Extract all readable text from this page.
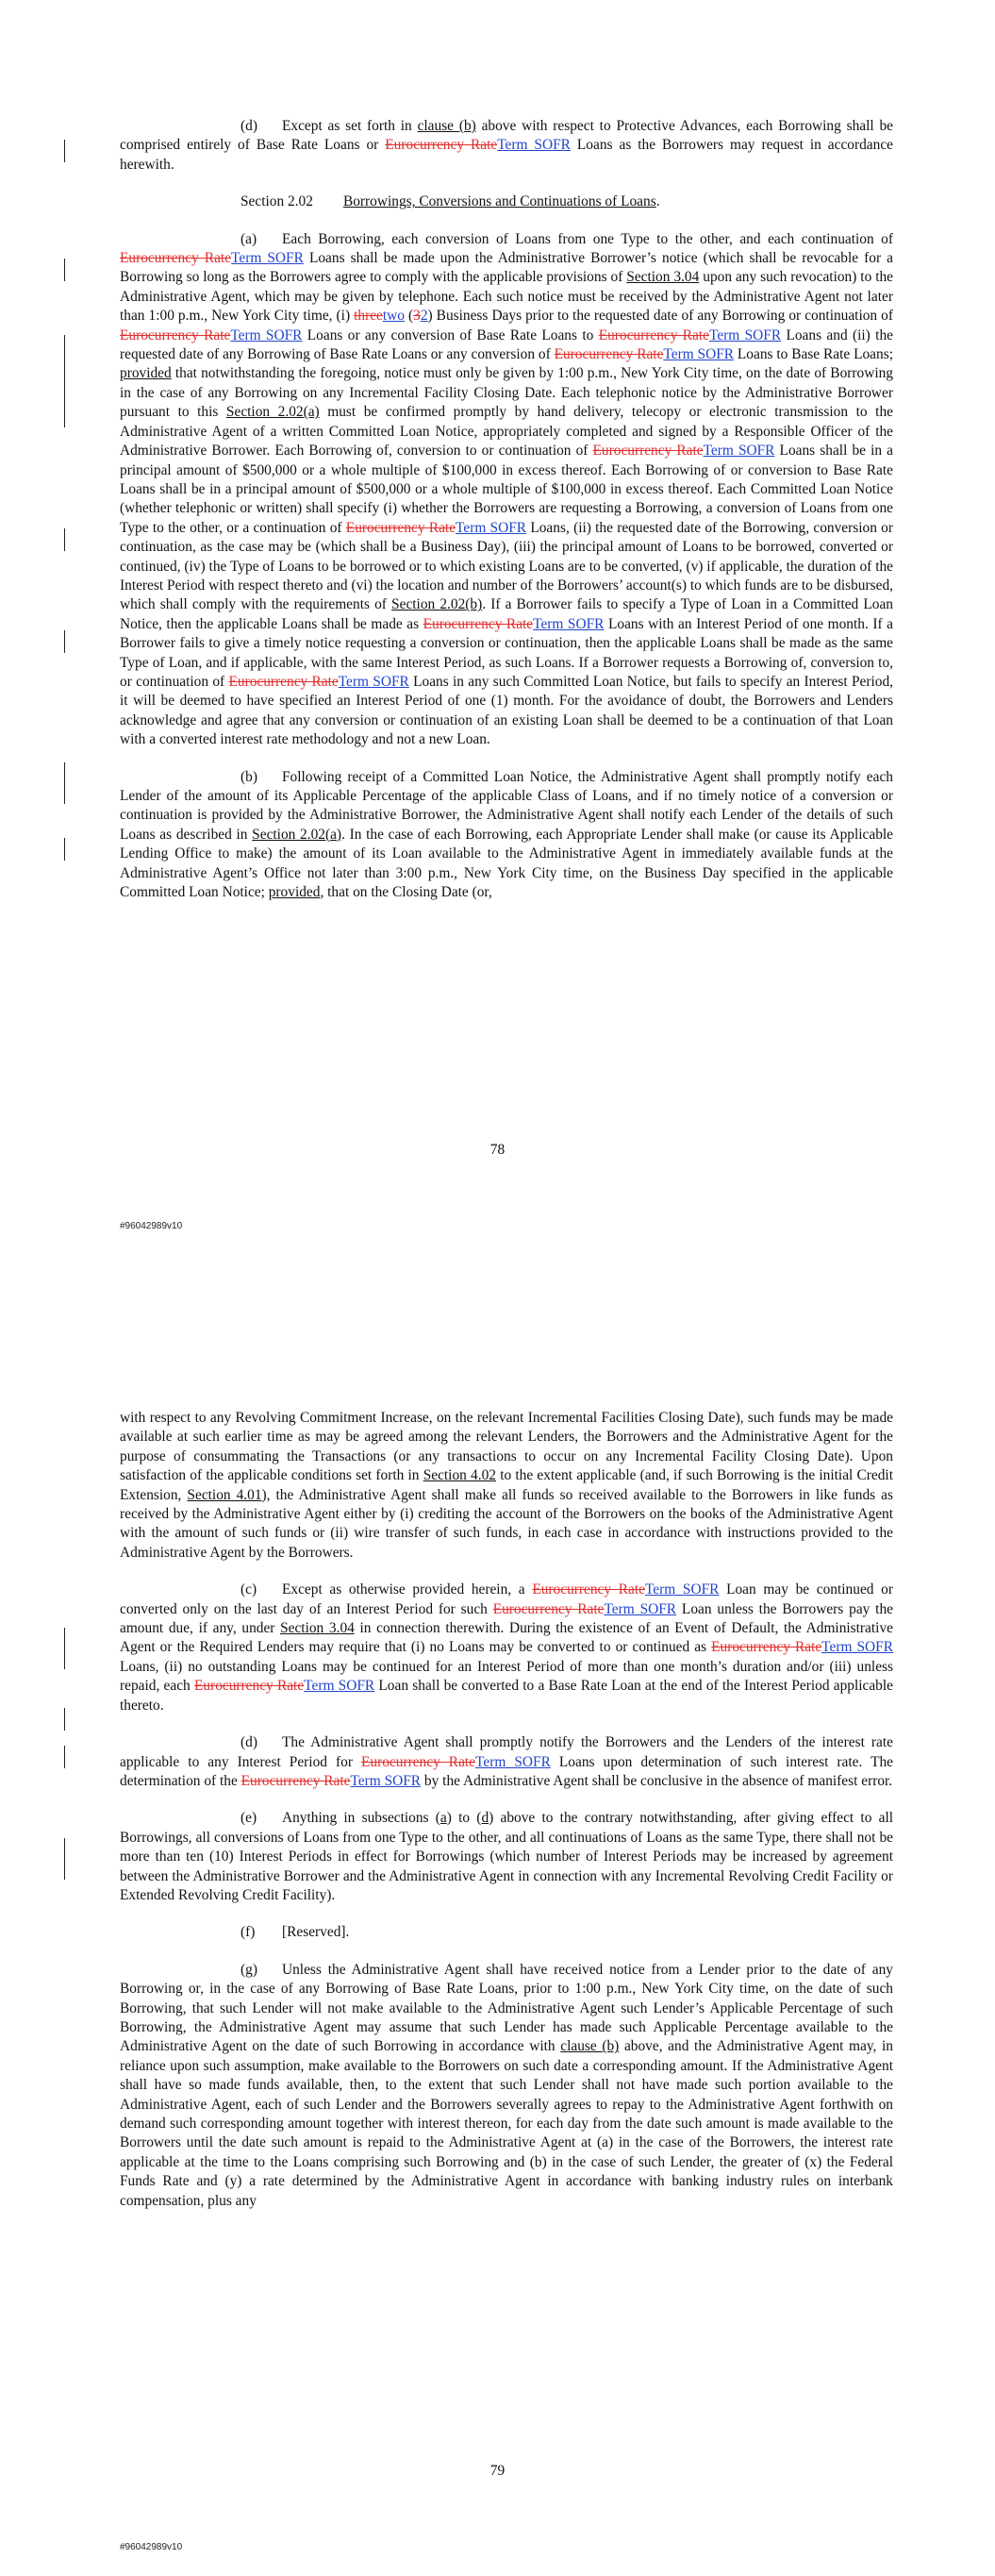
(d) Except as set forth in clause (b) above with respect to Protective Advances, each Borrowing shall be comprised entirely of Base Rate Loans or Eurocurrency RateTerm SOFR Loans as the Borrowers may request in accordance herewith.

Section 2.02 Borrowings, Conversions and Continuations of Loans.

(a) Each Borrowing, each conversion of Loans from one Type to the other, and each continuation of Eurocurrency RateTerm SOFR Loans shall be made upon the Administrative Borrower’s notice (which shall be revocable for a Borrowing so long as the Borrowers agree to comply with the applicable provisions of Section 3.04 upon any such revocation) to the Administrative Agent, which may be given by telephone. Each such notice must be received by the Administrative Agent not later than 1:00 p.m., New York City time, (i) threetwo (32) Business Days prior to the requested date of any Borrowing or continuation of Eurocurrency RateTerm SOFR Loans or any conversion of Base Rate Loans to Eurocurrency RateTerm SOFR Loans and (ii) the requested date of any Borrowing of Base Rate Loans or any conversion of Eurocurrency RateTerm SOFR Loans to Base Rate Loans; provided that notwithstanding the foregoing, notice must only be given by 1:00 p.m., New York City time, on the date of Borrowing in the case of any Borrowing on any Incremental Facility Closing Date. Each telephonic notice by the Administrative Borrower pursuant to this Section 2.02(a) must be confirmed promptly by hand delivery, telecopy or electronic transmission to the Administrative Agent of a written Committed Loan Notice, appropriately completed and signed by a Responsible Officer of the Administrative Borrower. Each Borrowing of, conversion to or continuation of Eurocurrency RateTerm SOFR Loans shall be in a principal amount of $500,000 or a whole multiple of $100,000 in excess thereof. Each Borrowing of or conversion to Base Rate Loans shall be in a principal amount of $500,000 or a whole multiple of $100,000 in excess thereof. Each Committed Loan Notice (whether telephonic or written) shall specify (i) whether the Borrowers are requesting a Borrowing, a conversion of Loans from one Type to the other, or a continuation of Eurocurrency RateTerm SOFR Loans, (ii) the requested date of the Borrowing, conversion or continuation, as the case may be (which shall be a Business Day), (iii) the principal amount of Loans to be borrowed, converted or continued, (iv) the Type of Loans to be borrowed or to which existing Loans are to be converted, (v) if applicable, the duration of the Interest Period with respect thereto and (vi) the location and number of the Borrowers’ account(s) to which funds are to be disbursed, which shall comply with the requirements of Section 2.02(b). If a Borrower fails to specify a Type of Loan in a Committed Loan Notice, then the applicable Loans shall be made as Eurocurrency RateTerm SOFR Loans with an Interest Period of one month. If a Borrower fails to give a timely notice requesting a conversion or continuation, then the applicable Loans shall be made as the same Type of Loan, and if applicable, with the same Interest Period, as such Loans. If a Borrower requests a Borrowing of, conversion to, or continuation of Eurocurrency RateTerm SOFR Loans in any such Committed Loan Notice, but fails to specify an Interest Period, it will be deemed to have specified an Interest Period of one (1) month. For the avoidance of doubt, the Borrowers and Lenders acknowledge and agree that any conversion or continuation of an existing Loan shall be deemed to be a continuation of that Loan with a converted interest rate methodology and not a new Loan.

(b) Following receipt of a Committed Loan Notice, the Administrative Agent shall promptly notify each Lender of the amount of its Applicable Percentage of the applicable Class of Loans, and if no timely notice of a conversion or continuation is provided by the Administrative Borrower, the Administrative Agent shall notify each Lender of the details of such Loans as described in Section 2.02(a). In the case of each Borrowing, each Appropriate Lender shall make (or cause its Applicable Lending Office to make) the amount of its Loan available to the Administrative Agent in immediately available funds at the Administrative Agent’s Office not later than 3:00 p.m., New York City time, on the Business Day specified in the applicable Committed Loan Notice; provided, that on the Closing Date (or,

78
#96042989v10

with respect to any Revolving Commitment Increase, on the relevant Incremental Facilities Closing Date), such funds may be made available at such earlier time as may be agreed among the relevant Lenders, the Borrowers and the Administrative Agent for the purpose of consummating the Transactions (or any transactions to occur on any Incremental Facility Closing Date). Upon satisfaction of the applicable conditions set forth in Section 4.02 to the extent applicable (and, if such Borrowing is the initial Credit Extension, Section 4.01), the Administrative Agent shall make all funds so received available to the Borrowers in like funds as received by the Administrative Agent either by (i) crediting the account of the Borrowers on the books of the Administrative Agent with the amount of such funds or (ii) wire transfer of such funds, in each case in accordance with instructions provided to the Administrative Agent by the Borrowers.

(c) Except as otherwise provided herein, a Eurocurrency RateTerm SOFR Loan may be continued or converted only on the last day of an Interest Period for such Eurocurrency RateTerm SOFR Loan unless the Borrowers pay the amount due, if any, under Section 3.04 in connection therewith. During the existence of an Event of Default, the Administrative Agent or the Required Lenders may require that (i) no Loans may be converted to or continued as Eurocurrency RateTerm SOFR Loans, (ii) no outstanding Loans may be continued for an Interest Period of more than one month’s duration and/or (iii) unless repaid, each Eurocurrency RateTerm SOFR Loan shall be converted to a Base Rate Loan at the end of the Interest Period applicable thereto.

(d) The Administrative Agent shall promptly notify the Borrowers and the Lenders of the interest rate applicable to any Interest Period for Eurocurrency RateTerm SOFR Loans upon determination of such interest rate. The determination of the Eurocurrency RateTerm SOFR by the Administrative Agent shall be conclusive in the absence of manifest error.

(e) Anything in subsections (a) to (d) above to the contrary notwithstanding, after giving effect to all Borrowings, all conversions of Loans from one Type to the other, and all continuations of Loans as the same Type, there shall not be more than ten (10) Interest Periods in effect for Borrowings (which number of Interest Periods may be increased by agreement between the Administrative Borrower and the Administrative Agent in connection with any Incremental Revolving Credit Facility or Extended Revolving Credit Facility).

(f) [Reserved].

(g) Unless the Administrative Agent shall have received notice from a Lender prior to the date of any Borrowing or, in the case of any Borrowing of Base Rate Loans, prior to 1:00 p.m., New York City time, on the date of such Borrowing, that such Lender will not make available to the Administrative Agent such Lender’s Applicable Percentage of such Borrowing, the Administrative Agent may assume that such Lender has made such Applicable Percentage available to the Administrative Agent on the date of such Borrowing in accordance with clause (b) above, and the Administrative Agent may, in reliance upon such assumption, make available to the Borrowers on such date a corresponding amount. If the Administrative Agent shall have so made funds available, then, to the extent that such Lender shall not have made such portion available to the Administrative Agent, each of such Lender and the Borrowers severally agrees to repay to the Administrative Agent forthwith on demand such corresponding amount together with interest thereon, for each day from the date such amount is made available to the Borrowers until the date such amount is repaid to the Administrative Agent at (a) in the case of the Borrowers, the interest rate applicable at the time to the Loans comprising such Borrowing and (b) in the case of such Lender, the greater of (x) the Federal Funds Rate and (y) a rate determined by the Administrative Agent in accordance with banking industry rules on interbank compensation, plus any

79
#96042989v10
